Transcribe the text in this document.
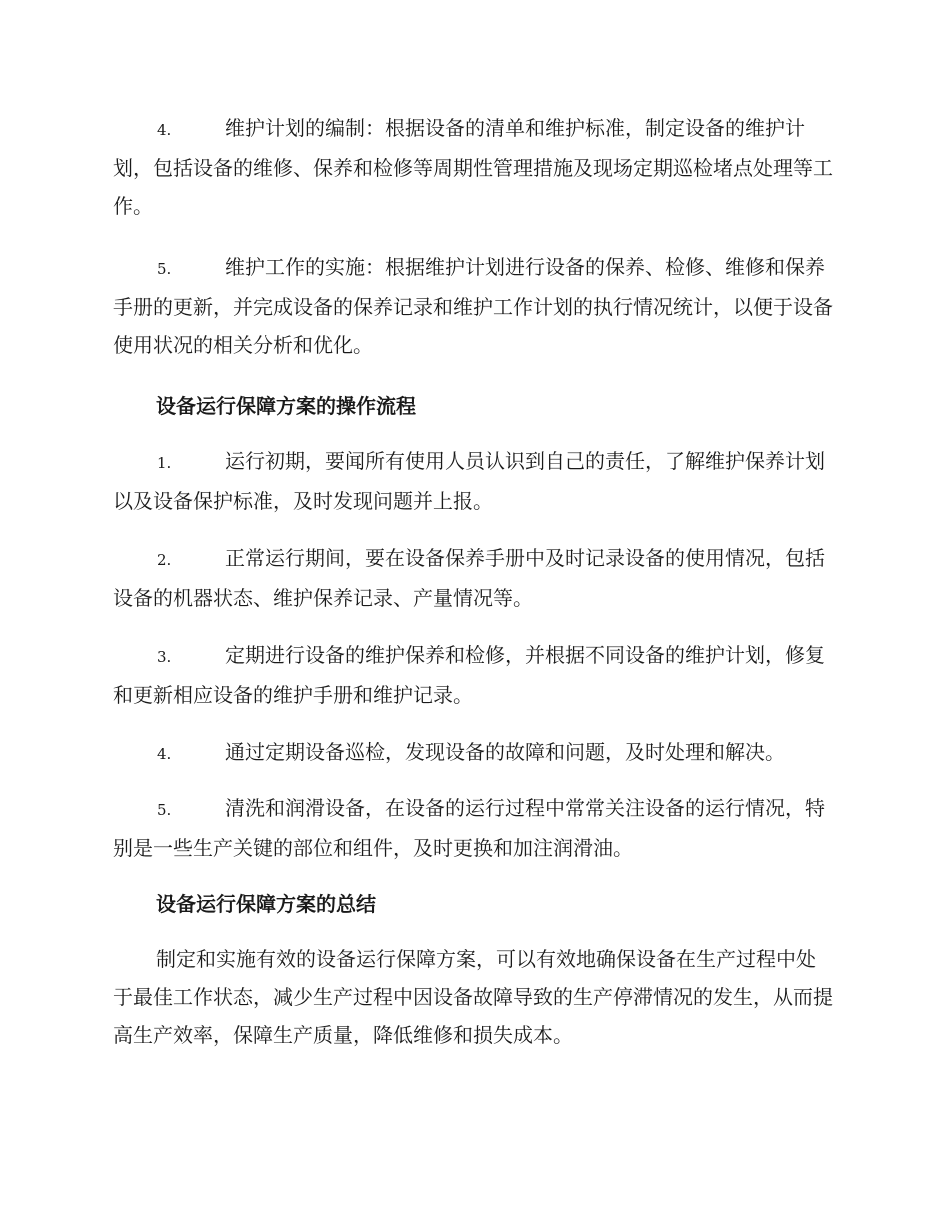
4.	维护计划的编制：根据设备的清单和维护标准，制定设备的维护计划，包括设备的维修、保养和检修等周期性管理措施及现场定期巡检堵点处理等工作。

5.	维护工作的实施：根据维护计划进行设备的保养、检修、维修和保养手册的更新，并完成设备的保养记录和维护工作计划的执行情况统计，以便于设备使用状况的相关分析和优化。

设备运行保障方案的操作流程

1.	运行初期，要闻所有使用人员认识到自己的责任，了解维护保养计划以及设备保护标准，及时发现问题并上报。

2.	正常运行期间，要在设备保养手册中及时记录设备的使用情况，包括设备的机器状态、维护保养记录、产量情况等。

3.	定期进行设备的维护保养和检修，并根据不同设备的维护计划，修复和更新相应设备的维护手册和维护记录。

4.	通过定期设备巡检，发现设备的故障和问题，及时处理和解决。

5.	清洗和润滑设备，在设备的运行过程中常常关注设备的运行情况，特别是一些生产关键的部位和组件，及时更换和加注润滑油。

设备运行保障方案的总结

制定和实施有效的设备运行保障方案，可以有效地确保设备在生产过程中处于最佳工作状态，减少生产过程中因设备故障导致的生产停滞情况的发生，从而提高生产效率，保障生产质量，降低维修和损失成本。
